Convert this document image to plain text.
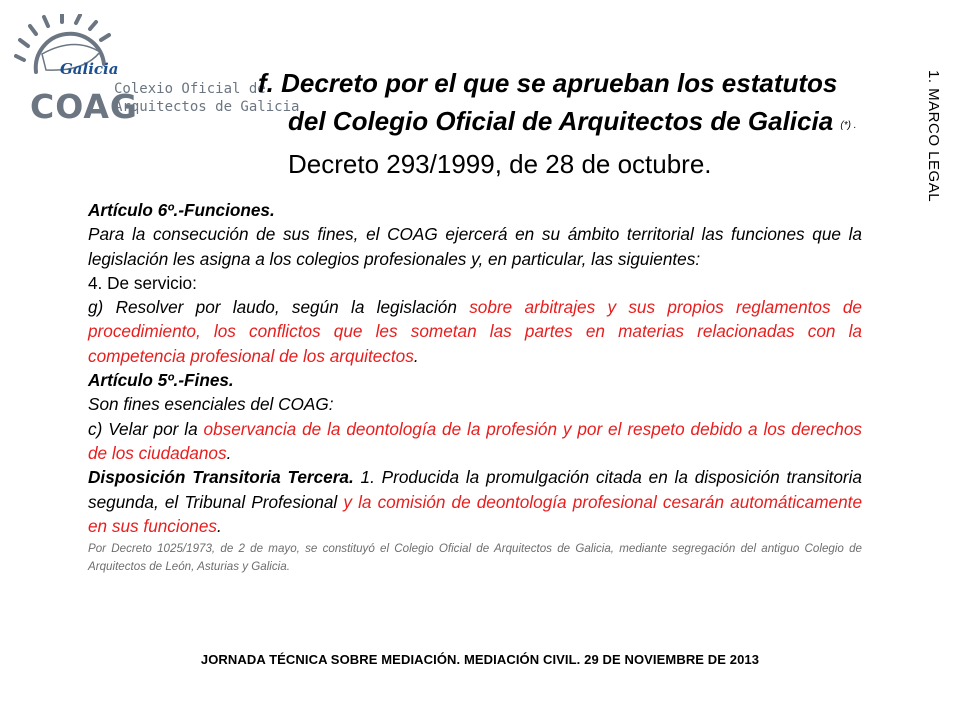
Galicia
COAG
Colexio Oficial de
Arquitectos de Galicia
f. Decreto por el que se aprueban los estatutos
del Colegio Oficial de Arquitectos de Galicia (*) .
Decreto 293/1999, de 28 de octubre.	1. MARCO LEGAL

Artículo 6º.-Funciones.

Para la consecución de sus fines, el COAG ejercerá en su ámbito territorial las funciones que la legislación les asigna a los colegios profesionales y, en particular, las siguientes:

4. De servicio:

g) Resolver por laudo, según la legislación sobre arbitrajes y sus propios reglamentos de procedimiento, los conflictos que les sometan las partes en materias relacionadas con la competencia profesional de los arquitectos.

Artículo 5º.-Fines.

Son fines esenciales del COAG:

c) Velar por la observancia de la deontología de la profesión y por el respeto debido a los derechos de los ciudadanos.

Disposición Transitoria Tercera. 1. Producida la promulgación citada en la disposición transitoria segunda, el Tribunal Profesional y la comisión de deontología profesional cesarán automáticamente en sus funciones.

Por Decreto 1025/1973, de 2 de mayo, se constituyó el Colegio Oficial de Arquitectos de Galicia, mediante segregación del antiguo Colegio de Arquitectos de León, Asturias y Galicia.

JORNADA TÉCNICA SOBRE MEDIACIÓN. MEDIACIÓN CIVIL. 29 DE NOVIEMBRE DE 2013
